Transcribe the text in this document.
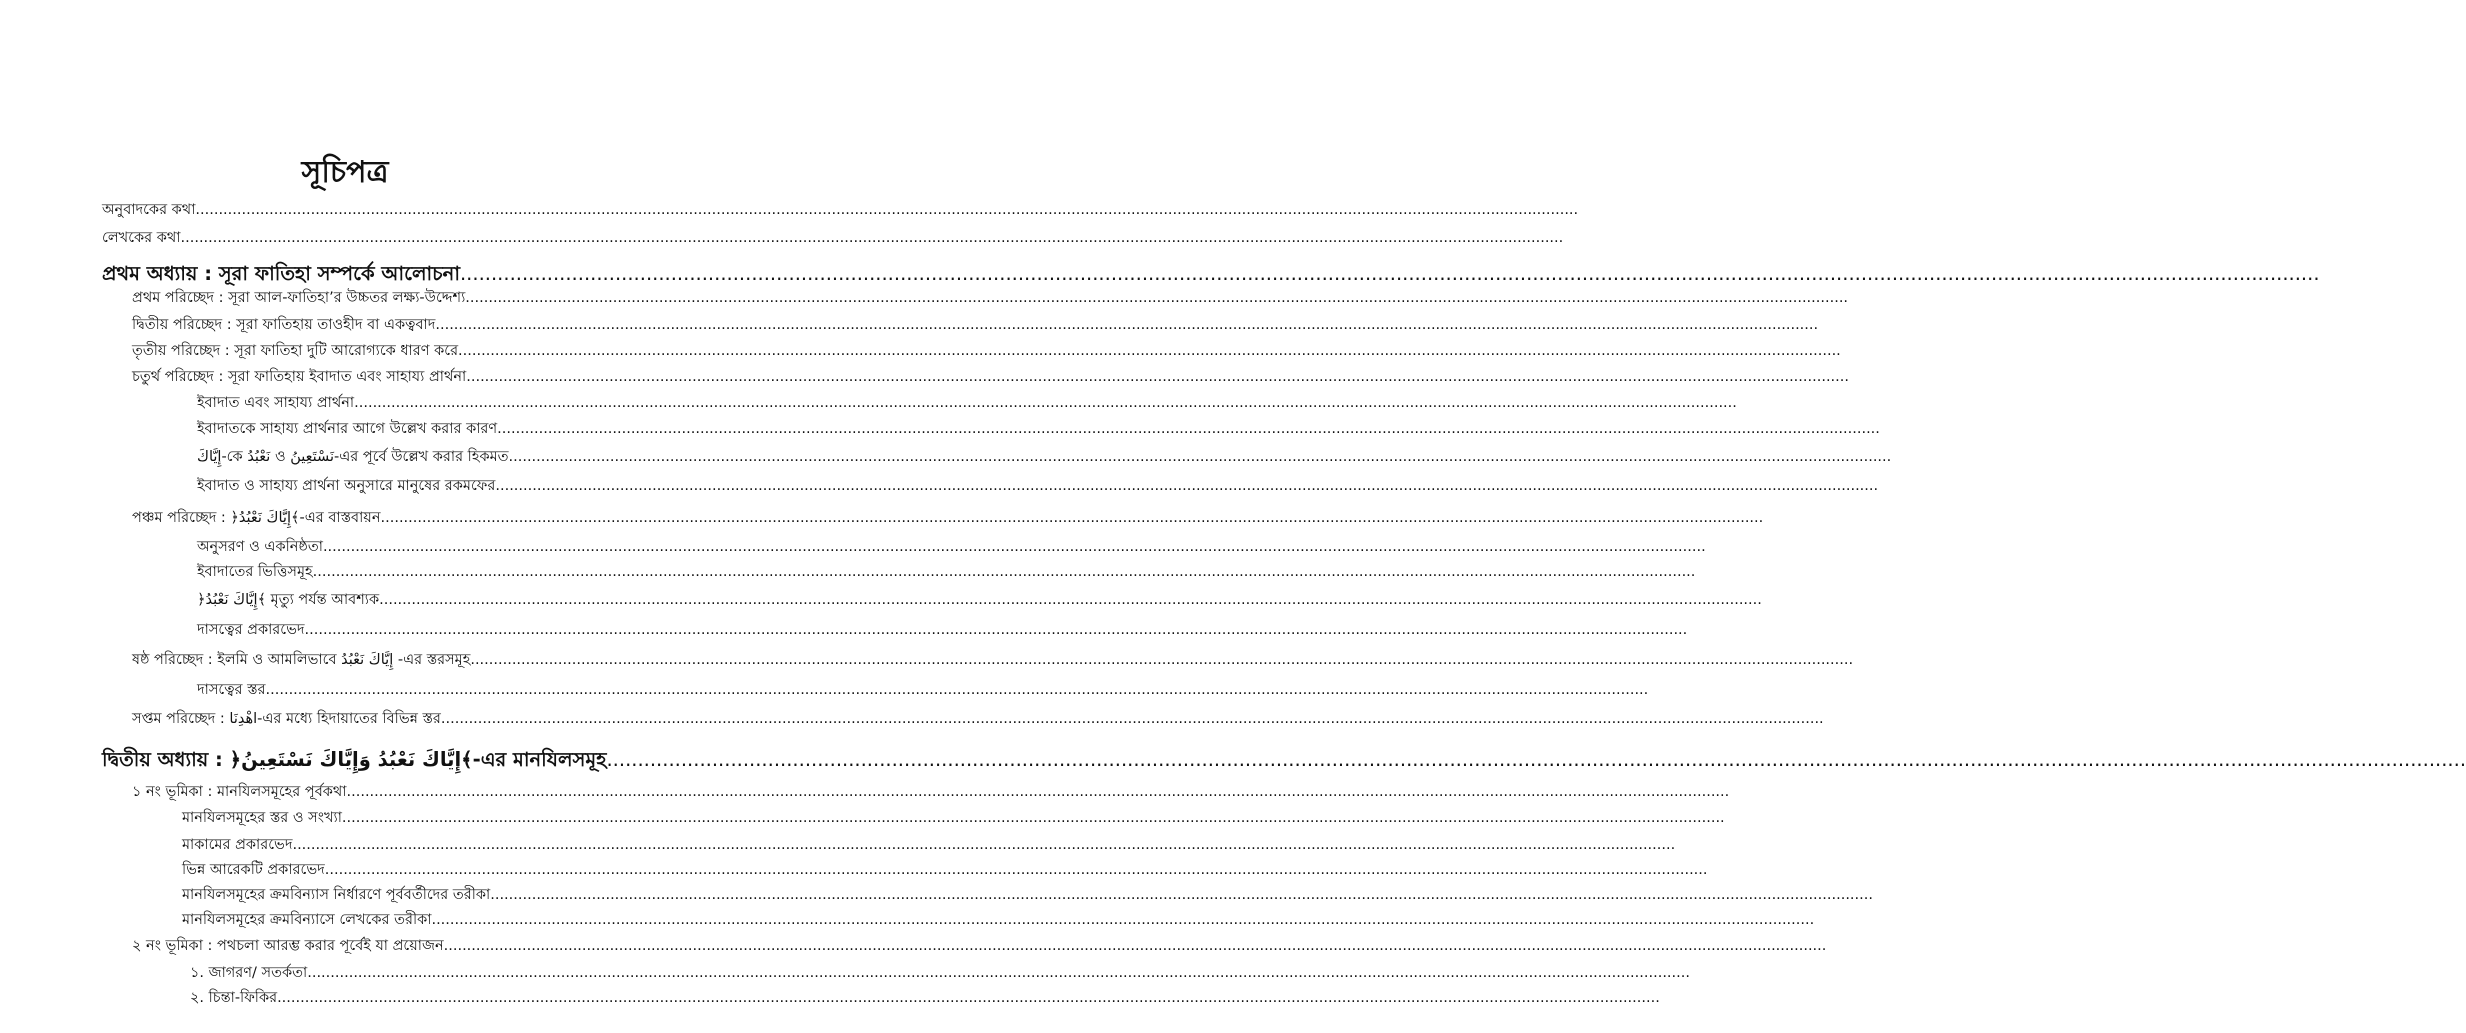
সূচিপত্র
অনুবাদকের কথা............................................................................................................................................................................................................................................................................................................
লেখকের কথা............................................................................................................................................................................................................................................................................................................
প্রথম অধ্যায় : সূরা ফাতিহা সম্পর্কে আলোচনা............................................................................................................................................................................................................................................................................................................
প্রথম পরিচ্ছেদ : সূরা আল-ফাতিহা’র উচ্চতর লক্ষ্য-উদ্দেশ্য............................................................................................................................................................................................................................................................................................................
দ্বিতীয় পরিচ্ছেদ : সূরা ফাতিহায় তাওহীদ বা একত্ববাদ............................................................................................................................................................................................................................................................................................................
তৃতীয় পরিচ্ছেদ : সূরা ফাতিহা দুটি আরোগ্যকে ধারণ করে............................................................................................................................................................................................................................................................................................................
চতুর্থ পরিচ্ছেদ : সূরা ফাতিহায় ইবাদাত এবং সাহায্য প্রার্থনা............................................................................................................................................................................................................................................................................................................
ইবাদাত এবং সাহায্য প্রার্থনা............................................................................................................................................................................................................................................................................................................
ইবাদাতকে সাহায্য প্রার্থনার আগে উল্লেখ করার কারণ............................................................................................................................................................................................................................................................................................................
إِيَّاكَ-কে نَعْبُدُ ও نَسْتَعِينُ-এর পূর্বে উল্লেখ করার হিকমত............................................................................................................................................................................................................................................................................................................
ইবাদাত ও সাহায্য প্রার্থনা অনুসারে মানুষের রকমফের............................................................................................................................................................................................................................................................................................................
পঞ্চম পরিচ্ছেদ : ﴿إِيَّاكَ نَعْبُدُ﴾-এর বাস্তবায়ন............................................................................................................................................................................................................................................................................................................
অনুসরণ ও একনিষ্ঠতা............................................................................................................................................................................................................................................................................................................
ইবাদাতের ভিত্তিসমূহ............................................................................................................................................................................................................................................................................................................
﴿إِيَّاكَ نَعْبُدُ﴾ মৃত্যু পর্যন্ত আবশ্যক............................................................................................................................................................................................................................................................................................................
দাসত্বের প্রকারভেদ............................................................................................................................................................................................................................................................................................................
ষষ্ঠ পরিচ্ছেদ : ইলমি ও আমলিভাবে إِيَّاكَ نَعْبُدُ -এর স্তরসমূহ............................................................................................................................................................................................................................................................................................................
দাসত্বের স্তর............................................................................................................................................................................................................................................................................................................
সপ্তম পরিচ্ছেদ : اهْدِنَا-এর মধ্যে হিদায়াতের বিভিন্ন স্তর............................................................................................................................................................................................................................................................................................................
দ্বিতীয় অধ্যায় : ﴿إِيَّاكَ نَعْبُدُ وَإِيَّاكَ نَسْتَعِينُ﴾-এর মানযিলসমূহ............................................................................................................................................................................................................................................................................................................
১ নং ভূমিকা : মানযিলসমূহের পূর্বকথা............................................................................................................................................................................................................................................................................................................
মানযিলসমূহের স্তর ও সংখ্যা............................................................................................................................................................................................................................................................................................................
মাকামের প্রকারভেদ............................................................................................................................................................................................................................................................................................................
ভিন্ন আরেকটি প্রকারভেদ............................................................................................................................................................................................................................................................................................................
মানযিলসমূহের ক্রমবিন্যাস নির্ধারণে পূর্ববর্তীদের তরীকা............................................................................................................................................................................................................................................................................................................
মানযিলসমূহের ক্রমবিন্যাসে লেখকের তরীকা............................................................................................................................................................................................................................................................................................................
২ নং ভূমিকা : পথচলা আরম্ভ করার পূর্বেই যা প্রয়োজন............................................................................................................................................................................................................................................................................................................
১. জাগরণ/ সতর্কতা............................................................................................................................................................................................................................................................................................................
২. চিন্তা-ফিকির............................................................................................................................................................................................................................................................................................................
